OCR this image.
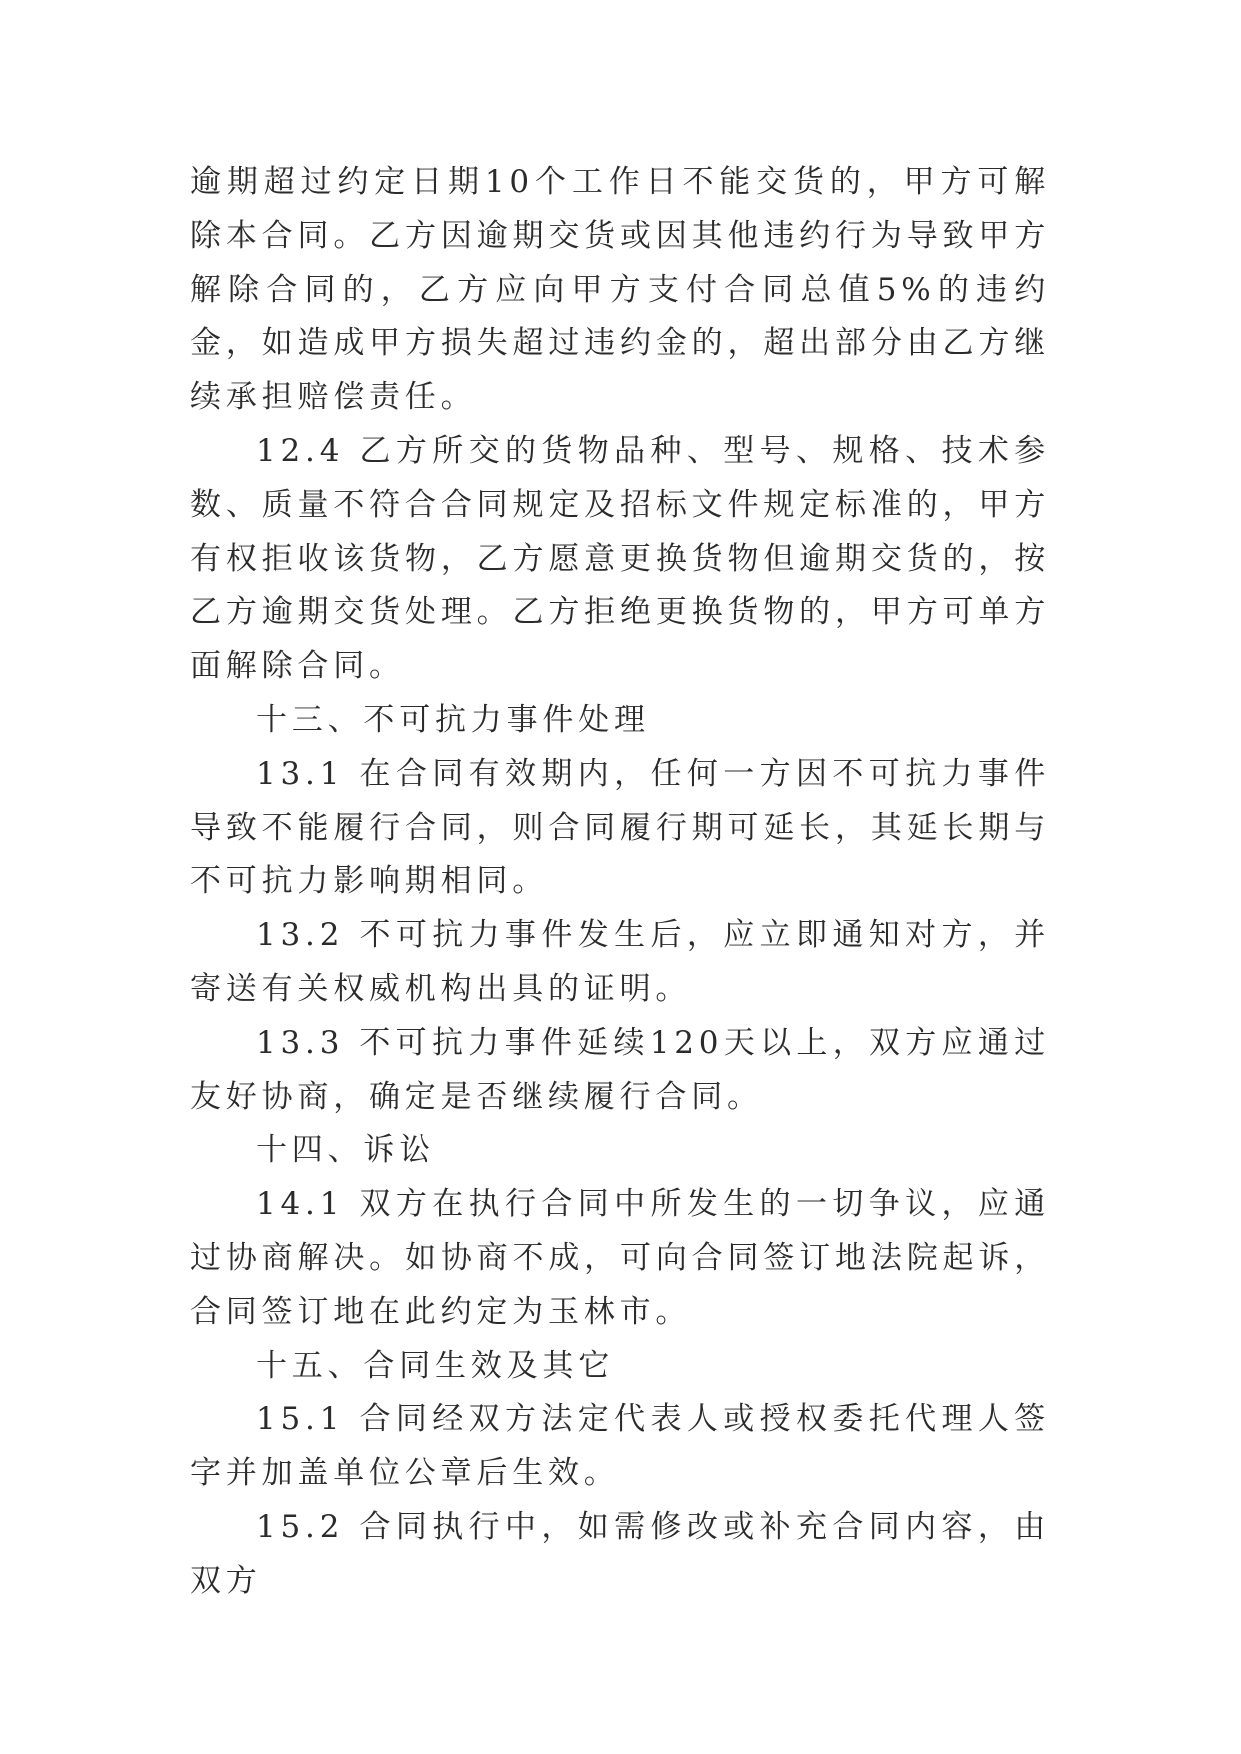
逾期超过约定日期10个工作日不能交货的，甲方可解除本合同。乙方因逾期交货或因其他违约行为导致甲方解除合同的，乙方应向甲方支付合同总值5%的违约金，如造成甲方损失超过违约金的，超出部分由乙方继续承担赔偿责任。

12.4 乙方所交的货物品种、型号、规格、技术参数、质量不符合合同规定及招标文件规定标准的，甲方有权拒收该货物，乙方愿意更换货物但逾期交货的，按乙方逾期交货处理。乙方拒绝更换货物的，甲方可单方面解除合同。

十三、不可抗力事件处理

13.1 在合同有效期内，任何一方因不可抗力事件导致不能履行合同，则合同履行期可延长，其延长期与不可抗力影响期相同。

13.2 不可抗力事件发生后，应立即通知对方，并寄送有关权威机构出具的证明。

13.3 不可抗力事件延续120天以上，双方应通过友好协商，确定是否继续履行合同。

十四、诉讼

14.1 双方在执行合同中所发生的一切争议，应通过协商解决。如协商不成，可向合同签订地法院起诉，合同签订地在此约定为玉林市。

十五、合同生效及其它

15.1 合同经双方法定代表人或授权委托代理人签字并加盖单位公章后生效。

15.2 合同执行中，如需修改或补充合同内容，由双方
